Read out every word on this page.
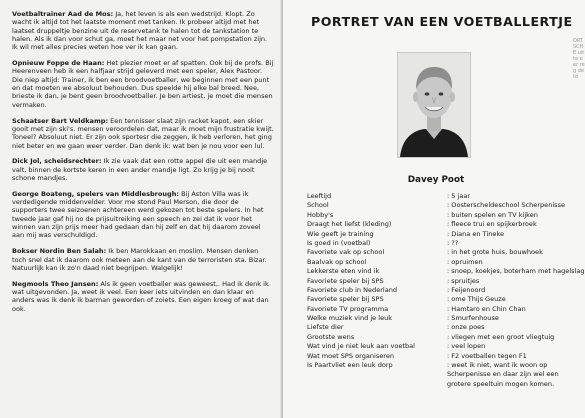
Voetbaltrainer Aad de Mos: Ja, het leven is als een wedstrijd. Klopt. Zo wacht ik altijd tot het laatste moment met tanken. Ik probeer altijd met het laatset druppeltje benzine uit de reservetank te halen tot de tankstation te halen. Als ik dan voor schut ga, moet het maar net voor het pompstation zijn. Ik wil met alles precies weten hoe ver ik kan gaan.

Opnieuw Foppe de Haan: Het plezier moet er af spatten. Ook bij de profs. Bij Heerenveen heb ik een halfjaar strijd geleverd met een speler, Alex Pastoor. Die niep altijd: Trainer, ik ben een broodvoetballer, we beginnen met een punt en dat moeten we absoluut behouden. Dus speelde hij elke bal breed. Nee, brieste ik dan, je bent geen broodvoetballer. Je ben artiest, je moet die mensen vermaken.

Schaatser Bart Veldkamp: Een tennisser slaat zijn racket kapot, een skier gooit met zijn ski's. mensen veroordelen dat, maar ik moet mijn frustratie kwijt. Toneel? Absoluut niet. Er zijn ook sportesr die zeggen, ik heb verloren, het ging niet beter en we gaan weer verder. Dan denk ik: wat ben je nou voor een lul.

Dick Jol, scheidsrechter: Ik zie vaak dat een rotte appel die uit een mandje valt, binnen de kortste keren in een ander mandje ligt. Zo krijg je bij nooit schone mandjes.

George Boateng, spelers van Middlesbrough: Bij Aston Villa was ik verdedigende middenvelder. Voor me stond Paul Merson, die door de supporters twee seizoenen achtereen werd gekozen tot beste spelers. In het tweede jaar gaf hij no de prijsuitreiking een speech en zei dat ik voor het winnen van zijn prijs meer had gedaan dan hij zelf en dat hij daarom zoveel aan mij was verschuldigd.

Bokser Nordin Ben Salah: Ik ben Marokkaan en moslim. Mensen denken toch snel dat ik daarom ook meteen aan de kant van de terroristen sta. Bizar. Natuurlijk kan ik zo'n daad niet begrijpen. Walgelijk!

Negmools Theo Jansen: Als ik geen voetballer was geweest,. Had ik denk ik wat uitgevonden. Ja, weet ik veel. Een keer iets uitvinden en dan klaar en anders was ik denk ik barman geworden of zoiets. Een eigen kroeg of wat dan ook.

PORTRET VAN EEN VOETBALLERTJE
Davey Poot
Leeftijd	: 5 jaar
School	: Oosterscheldeschool Scherpenisse
Hobby's	: buiten spelen en TV kijken
Draagt het liefst (kleding)	: fleece trui en spijkerbroek
Wie geeft je training	: Diana en Tineke
Is goed in (voetbal)	: ??
Favoriete vak op school	: in het grote huis, bouwhoek
Baalvak op school	: opruimen
Lekkerste eten vind ik	: snoep, koekjes, boterham met hagelslag
Favoriete speler bij SPS	: spruitjes
Favoriete club in Nederland	: Feijenoord
Favoriete speler bij SPS	: ome Thijs Geuze
Favoriete TV programma	: Hamtaro en Chin Chan
Welke muziek vind je leuk	: Smurfenhouse
Liefste dier	: onze poes
Grootste wens	: vliegen met een groot vliegtuig
Wat vind je niet leuk aan voetbal	: veel lopen
Wat moet SPS organiseren	: F2 voetballen tegen F1
Is Paartvliet een leuk dorp	: weet ik niet, want ik woon op Scherpenisse en daar zijn wel een grotere speeltuin mogen komen.
ORTSCHE uit te eer reg de to
